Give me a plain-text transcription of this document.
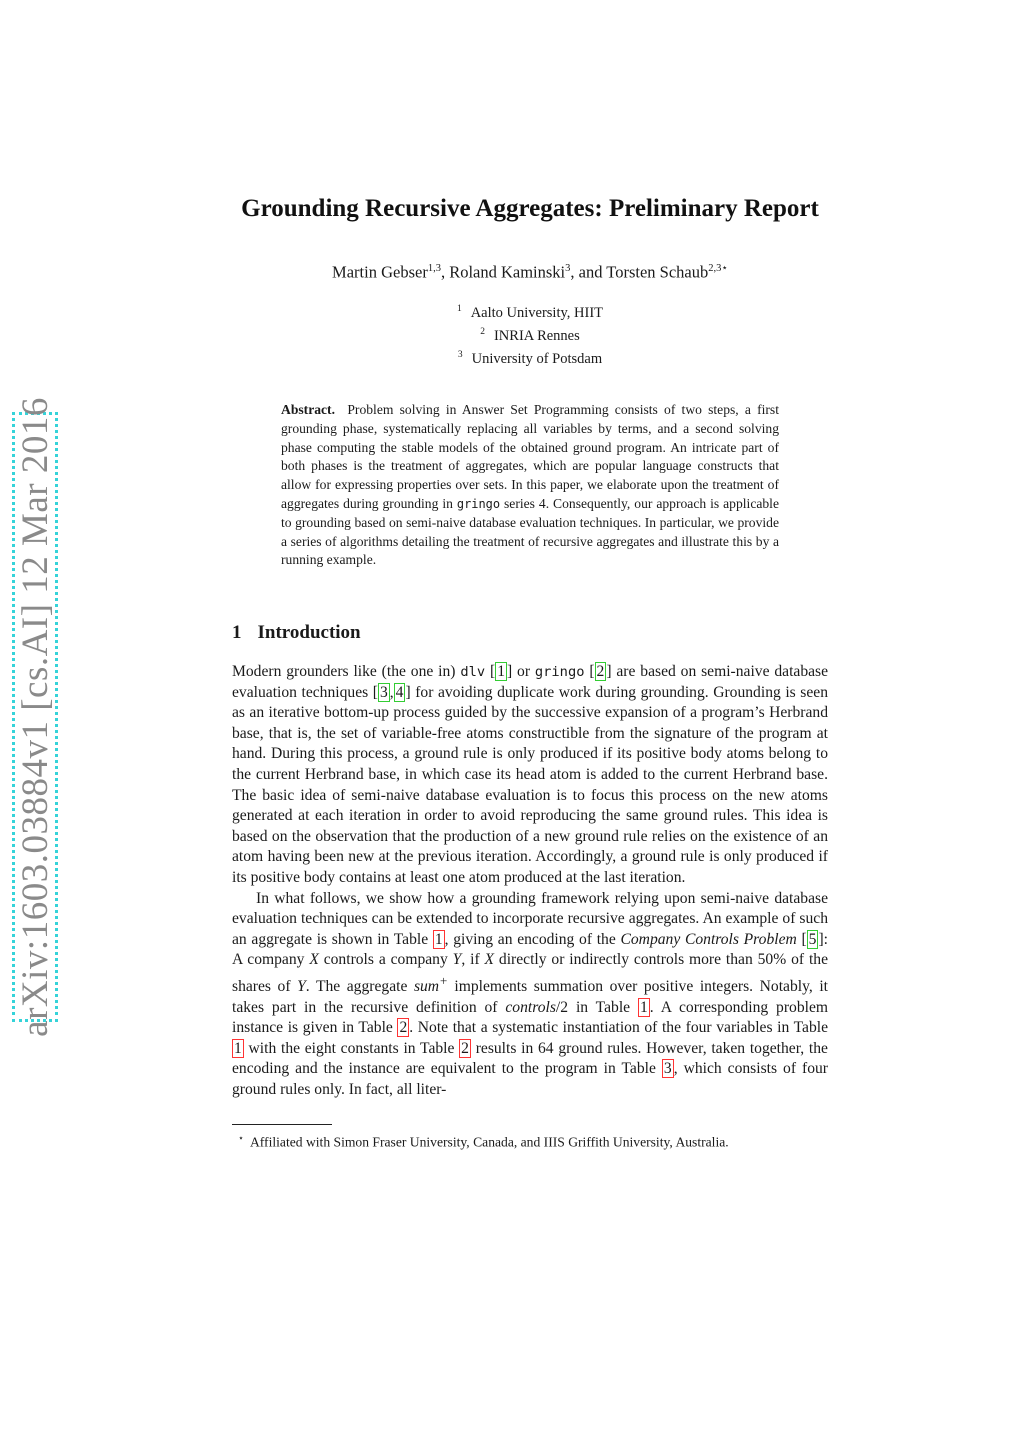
arXiv:1603.03884v1 [cs.AI] 12 Mar 2016
Grounding Recursive Aggregates: Preliminary Report
Martin Gebser$^{1,3}$, Roland Kaminski$^3$, and Torsten Schaub$^{2,3⋆}$
$^1$ Aalto University, HIIT
$^2$ INRIA Rennes
$^3$ University of Potsdam
Abstract. Problem solving in Answer Set Programming consists of two steps, a first grounding phase, systematically replacing all variables by terms, and a second solving phase computing the stable models of the obtained ground program. An intricate part of both phases is the treatment of aggregates, which are popular language constructs that allow for expressing properties over sets. In this paper, we elaborate upon the treatment of aggregates during grounding in gringo series 4. Consequently, our approach is applicable to grounding based on semi-naive database evaluation techniques. In particular, we provide a series of algorithms detailing the treatment of recursive aggregates and illustrate this by a running example.
1 Introduction

Modern grounders like (the one in) dlv [ 1 ] or gringo [ 2 ] are based on semi-naive database evaluation techniques [ 3 , 4 ] for avoiding duplicate work during grounding. Grounding is seen as an iterative bottom-up process guided by the successive expansion of a program’s Herbrand base, that is, the set of variable-free atoms constructible from the signature of the program at hand. During this process, a ground rule is only produced if its positive body atoms belong to the current Herbrand base, in which case its head atom is added to the current Herbrand base. The basic idea of semi-naive database evaluation is to focus this process on the new atoms generated at each iteration in order to avoid reproducing the same ground rules. This idea is based on the observation that the production of a new ground rule relies on the existence of an atom having been new at the previous iteration. Accordingly, a ground rule is only produced if its positive body contains at least one atom produced at the last iteration.

In what follows, we show how a grounding framework relying upon semi-naive database evaluation techniques can be extended to incorporate recursive aggregates. An example of such an aggregate is shown in Table 1 , giving an encoding of the Company Controls Problem [ 5 ]: A company X controls a company Y, if X directly or indirectly controls more than 50% of the shares of Y. The aggregate sum+ implements summation over positive integers. Notably, it takes part in the recursive definition of controls/2 in Table 1 . A corresponding problem instance is given in Table 2 . Note that a systematic instantiation of the four variables in Table 1 with the eight constants in Table 2 results in 64 ground rules. However, taken together, the encoding and the instance are equivalent to the program in Table 3 , which consists of four ground rules only. In fact, all liter-

⋆ Affiliated with Simon Fraser University, Canada, and IIIS Griffith University, Australia.
